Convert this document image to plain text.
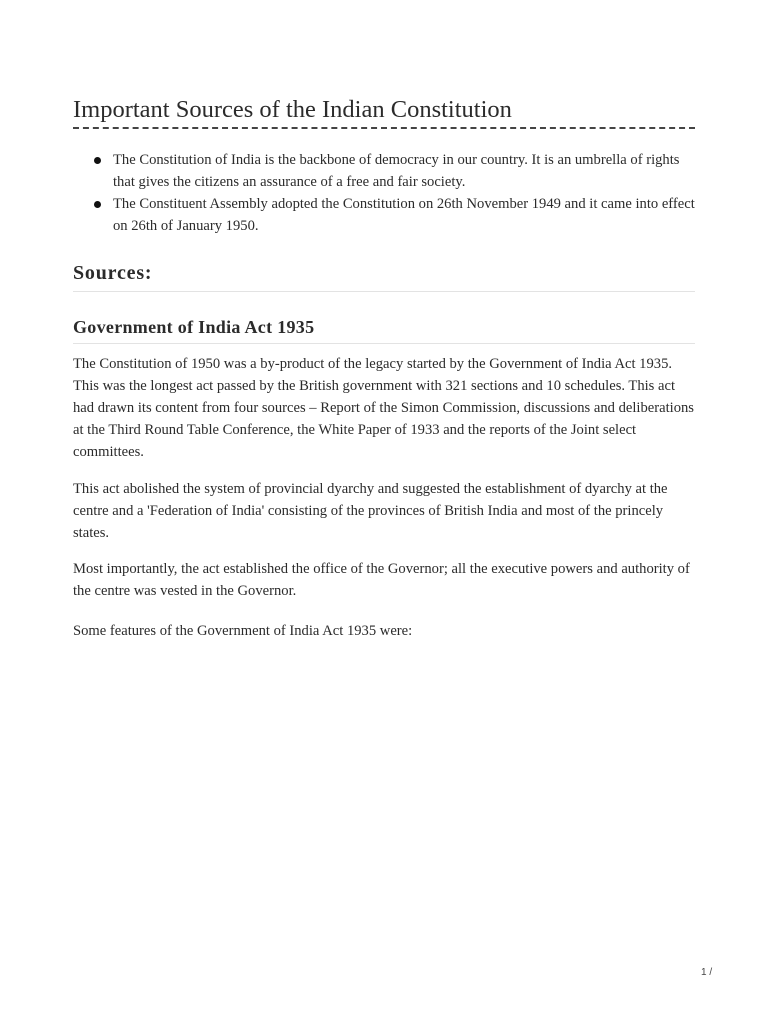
Important Sources of the Indian Constitution
The Constitution of India is the backbone of democracy in our country. It is an umbrella of rights that gives the citizens an assurance of a free and fair society.
The Constituent Assembly adopted the Constitution on 26th November 1949 and it came into effect on 26th of January 1950.
Sources:
Government of India Act 1935

The Constitution of 1950 was a by-product of the legacy started by the Government of India Act 1935. This was the longest act passed by the British government with 321 sections and 10 schedules. This act had drawn its content from four sources – Report of the Simon Commission, discussions and deliberations at the Third Round Table Conference, the White Paper of 1933 and the reports of the Joint select committees.

This act abolished the system of provincial dyarchy and suggested the establishment of dyarchy at the centre and a 'Federation of India' consisting of the provinces of British India and most of the princely states.

Most importantly, the act established the office of the Governor; all the executive powers and authority of the centre was vested in the Governor.

Some features of the Government of India Act 1935 were:

1 /
